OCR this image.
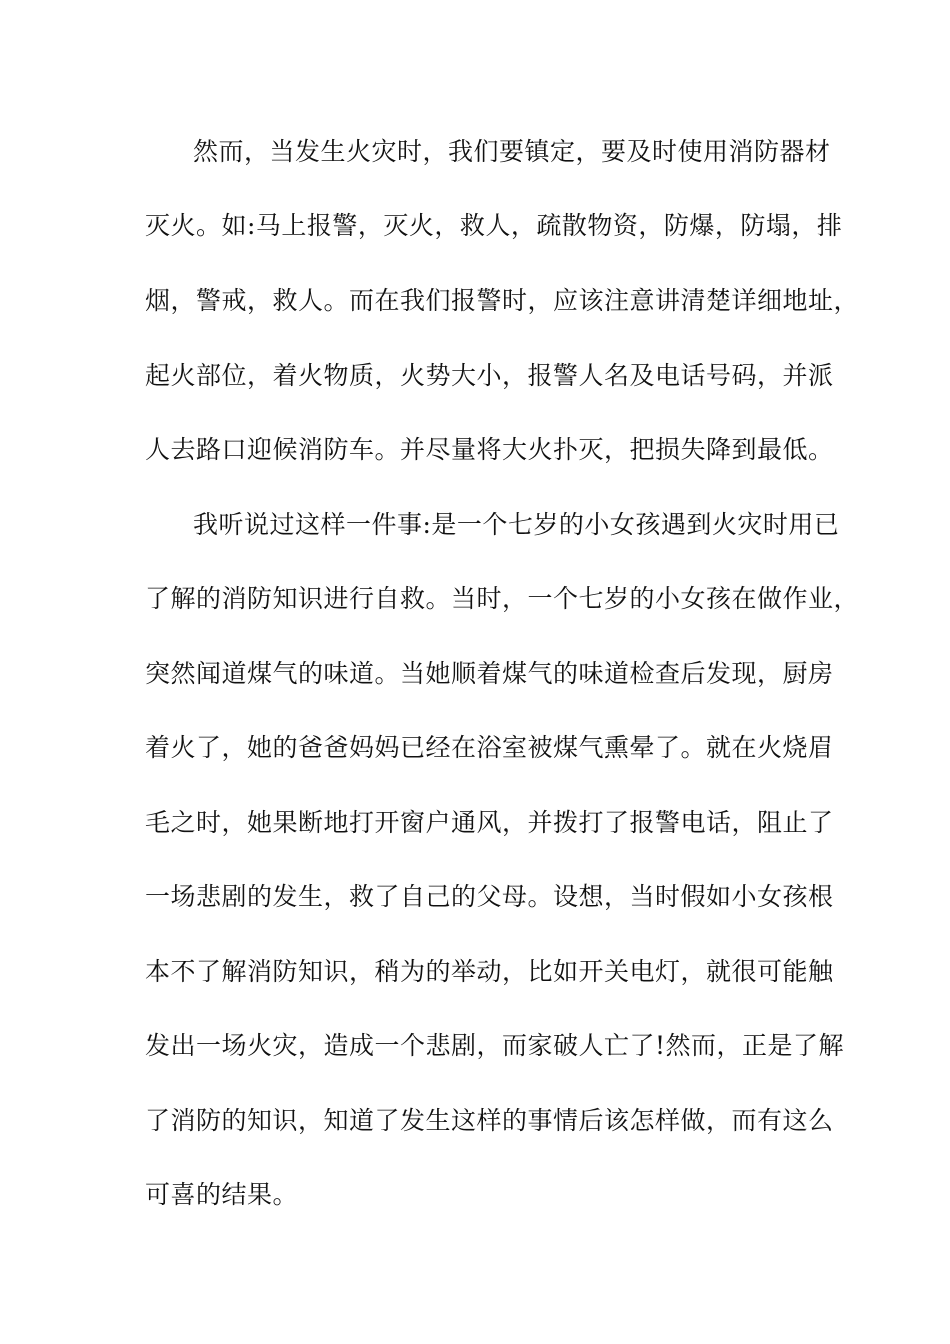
然而，当发生火灾时，我们要镇定，要及时使用消防器材
灭火。如:马上报警，灭火，救人，疏散物资，防爆，防塌，排
烟，警戒，救人。而在我们报警时，应该注意讲清楚详细地址，
起火部位，着火物质，火势大小，报警人名及电话号码，并派
人去路口迎候消防车。并尽量将大火扑灭，把损失降到最低。
我听说过这样一件事:是一个七岁的小女孩遇到火灾时用已
了解的消防知识进行自救。当时，一个七岁的小女孩在做作业，
突然闻道煤气的味道。当她顺着煤气的味道检查后发现，厨房
着火了，她的爸爸妈妈已经在浴室被煤气熏晕了。就在火烧眉
毛之时，她果断地打开窗户通风，并拨打了报警电话，阻止了
一场悲剧的发生，救了自己的父母。设想，当时假如小女孩根
本不了解消防知识，稍为的举动，比如开关电灯，就很可能触
发出一场火灾，造成一个悲剧，而家破人亡了!然而，正是了解
了消防的知识，知道了发生这样的事情后该怎样做，而有这么
可喜的结果。
